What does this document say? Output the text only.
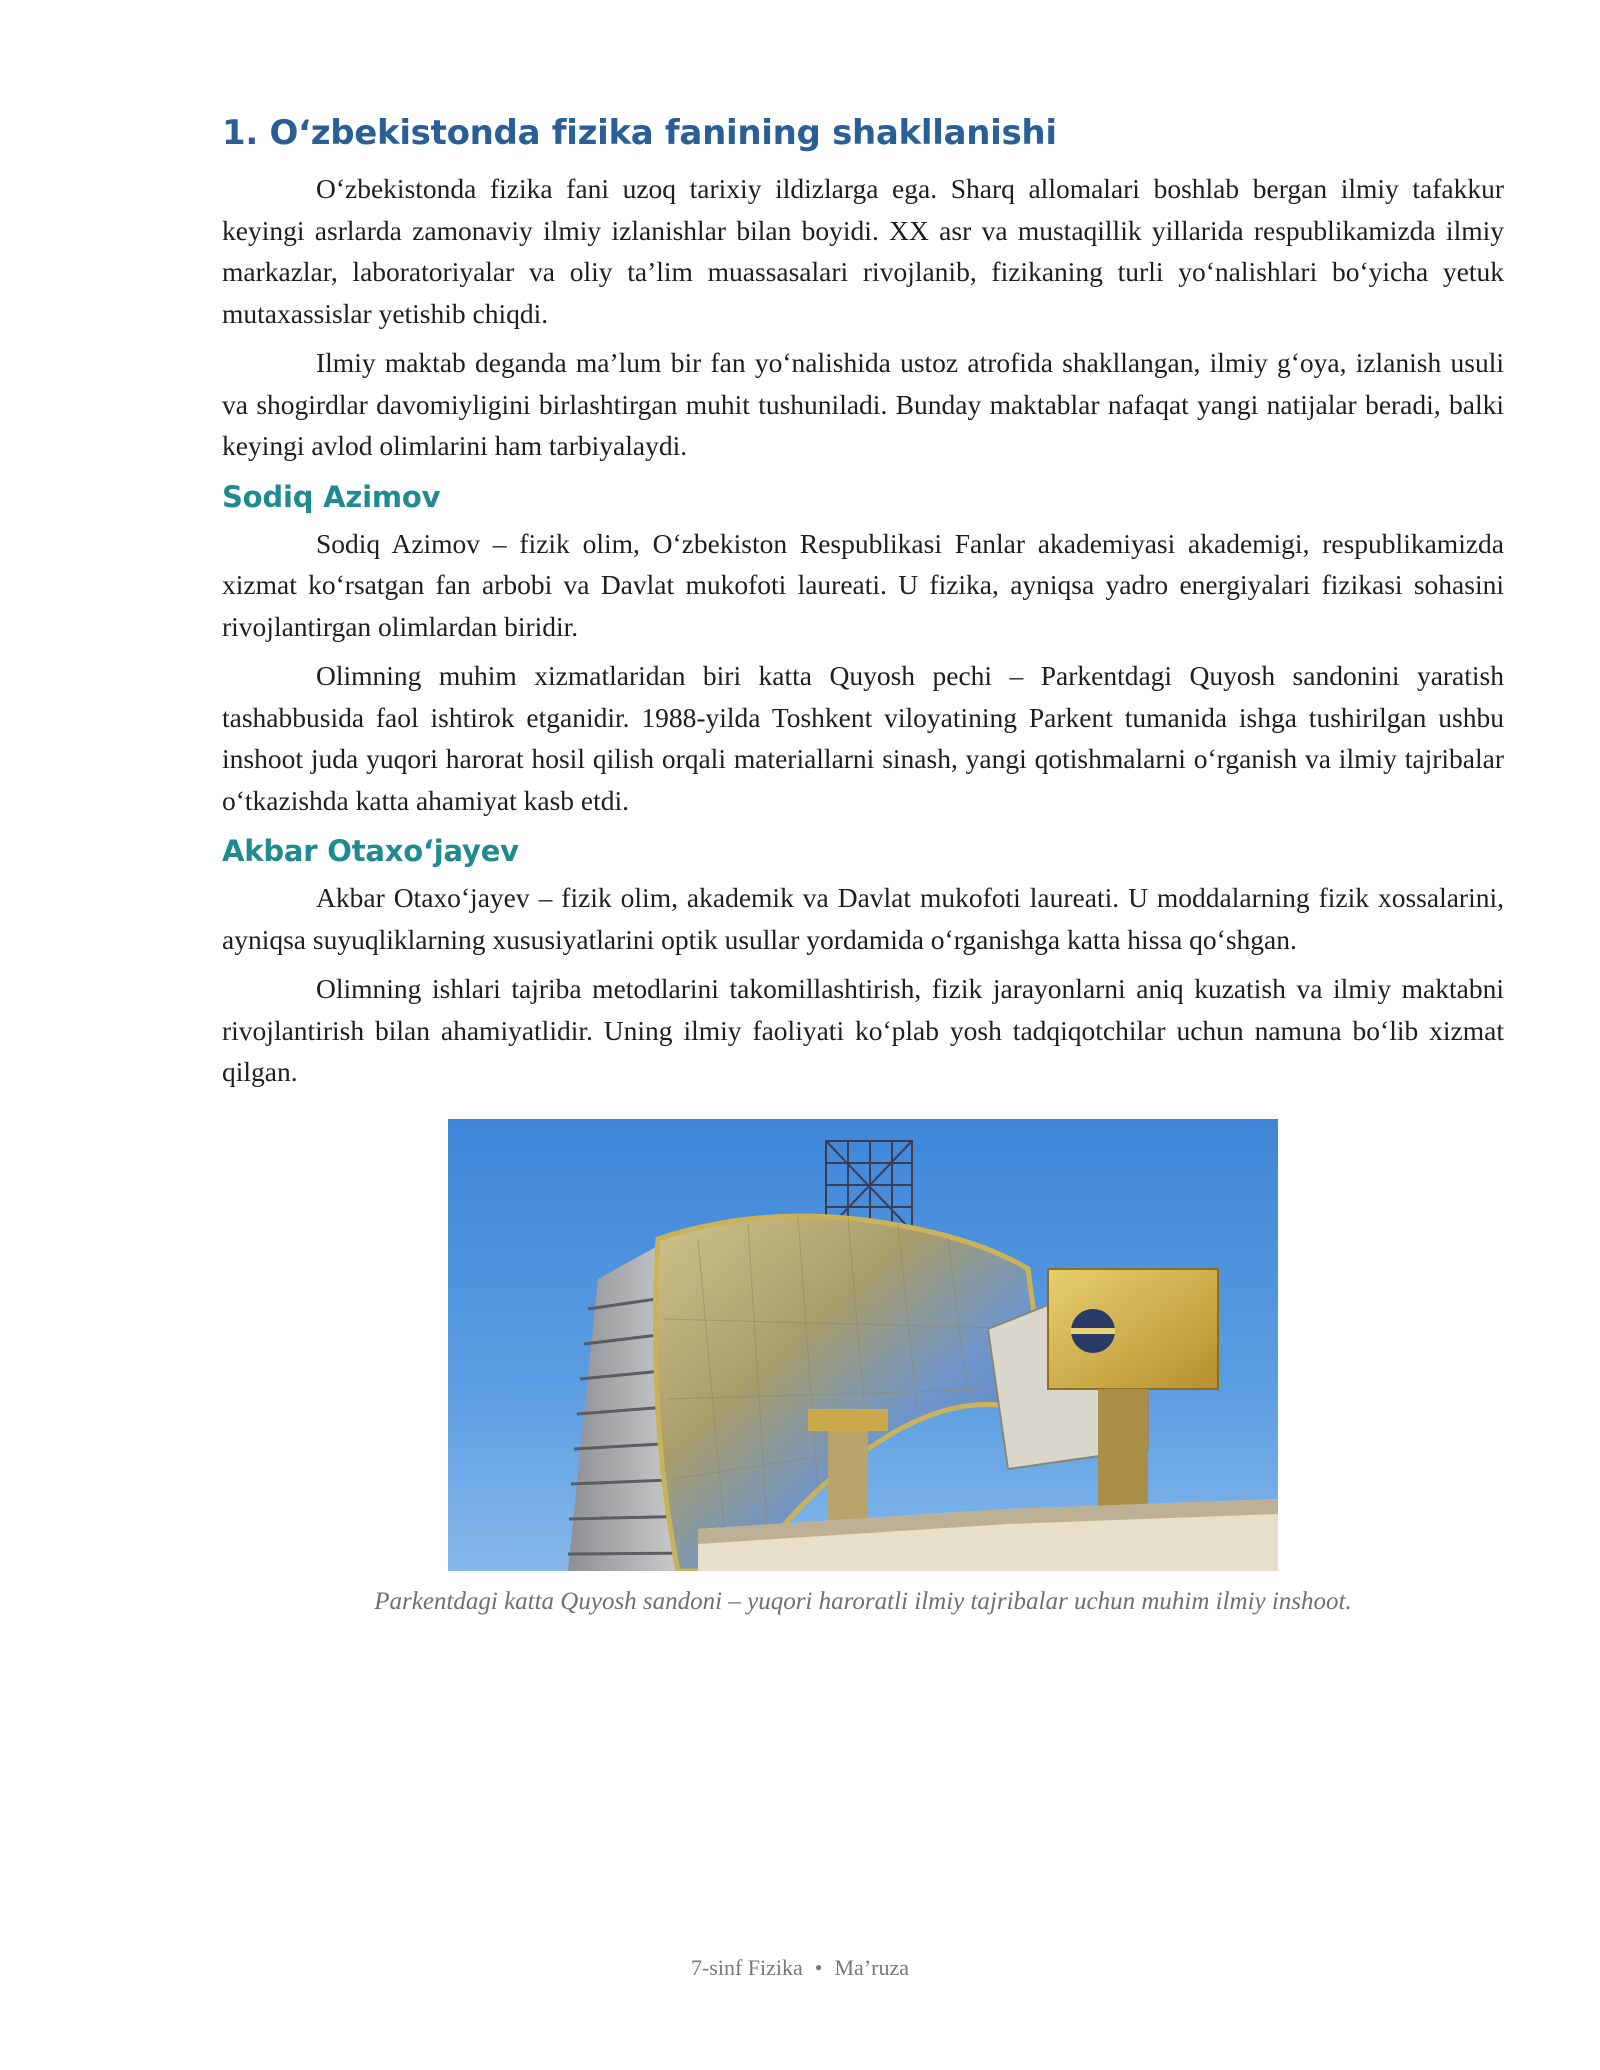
1. O‘zbekistonda fizika fanining shakllanishi

O‘zbekistonda fizika fani uzoq tarixiy ildizlarga ega. Sharq allomalari boshlab bergan ilmiy tafakkur keyingi asrlarda zamonaviy ilmiy izlanishlar bilan boyidi. XX asr va mustaqillik yillarida respublikamizda ilmiy markazlar, laboratoriyalar va oliy ta’lim muassasalari rivojlanib, fizikaning turli yo‘nalishlari bo‘yicha yetuk mutaxassislar yetishib chiqdi.

Ilmiy maktab deganda ma’lum bir fan yo‘nalishida ustoz atrofida shakllangan, ilmiy g‘oya, izlanish usuli va shogirdlar davomiyligini birlashtirgan muhit tushuniladi. Bunday maktablar nafaqat yangi natijalar beradi, balki keyingi avlod olimlarini ham tarbiyalaydi.

Sodiq Azimov

Sodiq Azimov – fizik olim, O‘zbekiston Respublikasi Fanlar akademiyasi akademigi, respublikamizda xizmat ko‘rsatgan fan arbobi va Davlat mukofoti laureati. U fizika, ayniqsa yadro energiyalari fizikasi sohasini rivojlantirgan olimlardan biridir.

Olimning muhim xizmatlaridan biri katta Quyosh pechi – Parkentdagi Quyosh sandonini yaratish tashabbusida faol ishtirok etganidir. 1988-yilda Toshkent viloyatining Parkent tumanida ishga tushirilgan ushbu inshoot juda yuqori harorat hosil qilish orqali materiallarni sinash, yangi qotishmalarni o‘rganish va ilmiy tajribalar o‘tkazishda katta ahamiyat kasb etdi.

Akbar Otaxo‘jayev

Akbar Otaxo‘jayev – fizik olim, akademik va Davlat mukofoti laureati. U moddalarning fizik xossalarini, ayniqsa suyuqliklarning xususiyatlarini optik usullar yordamida o‘rganishga katta hissa qo‘shgan.

Olimning ishlari tajriba metodlarini takomillashtirish, fizik jarayonlarni aniq kuzatish va ilmiy maktabni rivojlantirish bilan ahamiyatlidir. Uning ilmiy faoliyati ko‘plab yosh tadqiqotchilar uchun namuna bo‘lib xizmat qilgan.

Parkentdagi katta Quyosh sandoni – yuqori haroratli ilmiy tajribalar uchun muhim ilmiy inshoot.
7-sinf Fizika • Ma’ruza
